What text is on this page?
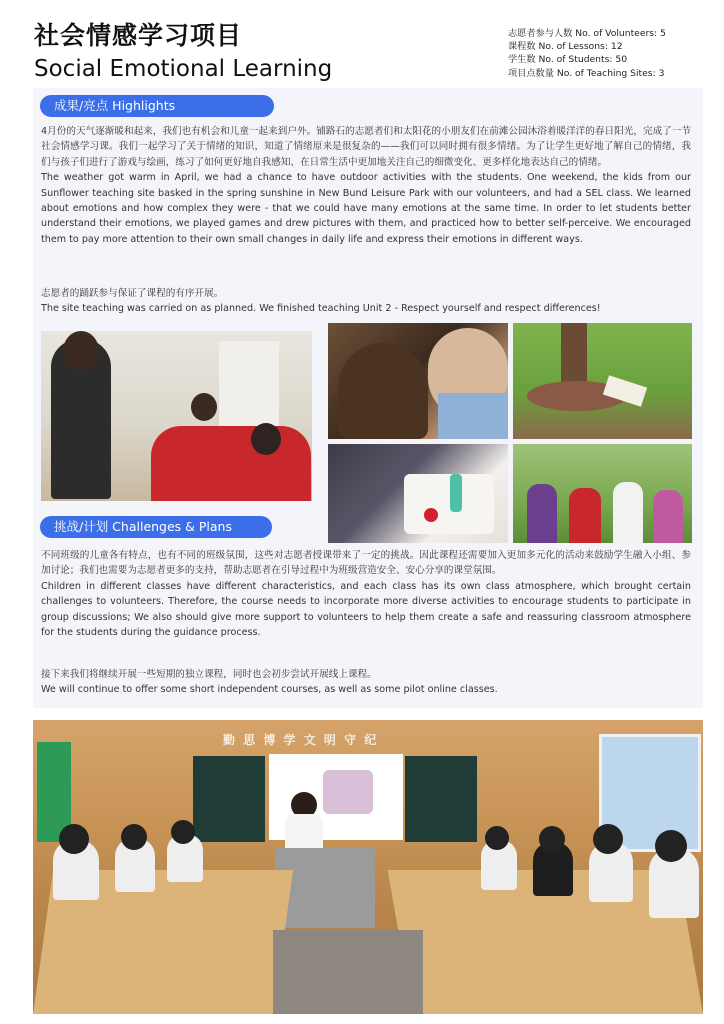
社会情感学习项目
Social Emotional Learning
志愿者参与人数 No. of Volunteers: 5
课程数 No. of Lessons: 12
学生数 No. of Students: 50
项目点数量 No. of Teaching Sites: 3
成果/亮点 Highlights
4月份的天气逐渐暖和起来，我们也有机会和儿童一起来到户外。铺路石的志愿者们和太阳花的小朋友们在前滩公园沐浴着暖洋洋的春日阳光，完成了一节社会情感学习课。我们一起学习了关于情绪的知识，知道了情绪原来是很复杂的——我们可以同时拥有很多情绪。为了让学生更好地了解自己的情绪，我们与孩子们进行了游戏与绘画，练习了如何更好地自我感知、在日常生活中更加地关注自己的细微变化、更多样化地表达自己的情绪。
The weather got warm in April, we had a chance to have outdoor activities with the students. One weekend, the kids from our Sunflower teaching site basked in the spring sunshine in New Bund Leisure Park with our volunteers, and had a SEL class. We learned about emotions and how complex they were - that we could have many emotions at the same time. In order to let students better understand their emotions, we played games and drew pictures with them, and practiced how to better self-perceive. We encouraged them to pay more attention to their own small changes in daily life and express their emotions in different ways.
志愿者的踊跃参与保证了课程的有序开展。
The site teaching was carried on as planned. We finished teaching Unit 2 - Respect yourself and respect differences!
挑战/计划 Challenges & Plans
不同班级的儿童各有特点，也有不同的班级氛围，这些对志愿者授课带来了一定的挑战。因此课程还需要加入更加多元化的活动来鼓励学生融入小组、参加讨论；我们也需要为志愿者更多的支持，帮助志愿者在引导过程中为班级营造安全、安心分享的课堂氛围。
Children in different classes have different characteristics, and each class has its own class atmosphere, which brought certain challenges to volunteers. Therefore, the course needs to incorporate more diverse activities to encourage students to participate in group discussions; We also should give more support to volunteers to help them create a safe and reassuring classroom atmosphere for the students during the guidance process.
接下来我们将继续开展一些短期的独立课程，同时也会初步尝试开展线上课程。
We will continue to offer some short independent courses, as well as some pilot online classes.
勤 思 博 学 文 明 守 纪
